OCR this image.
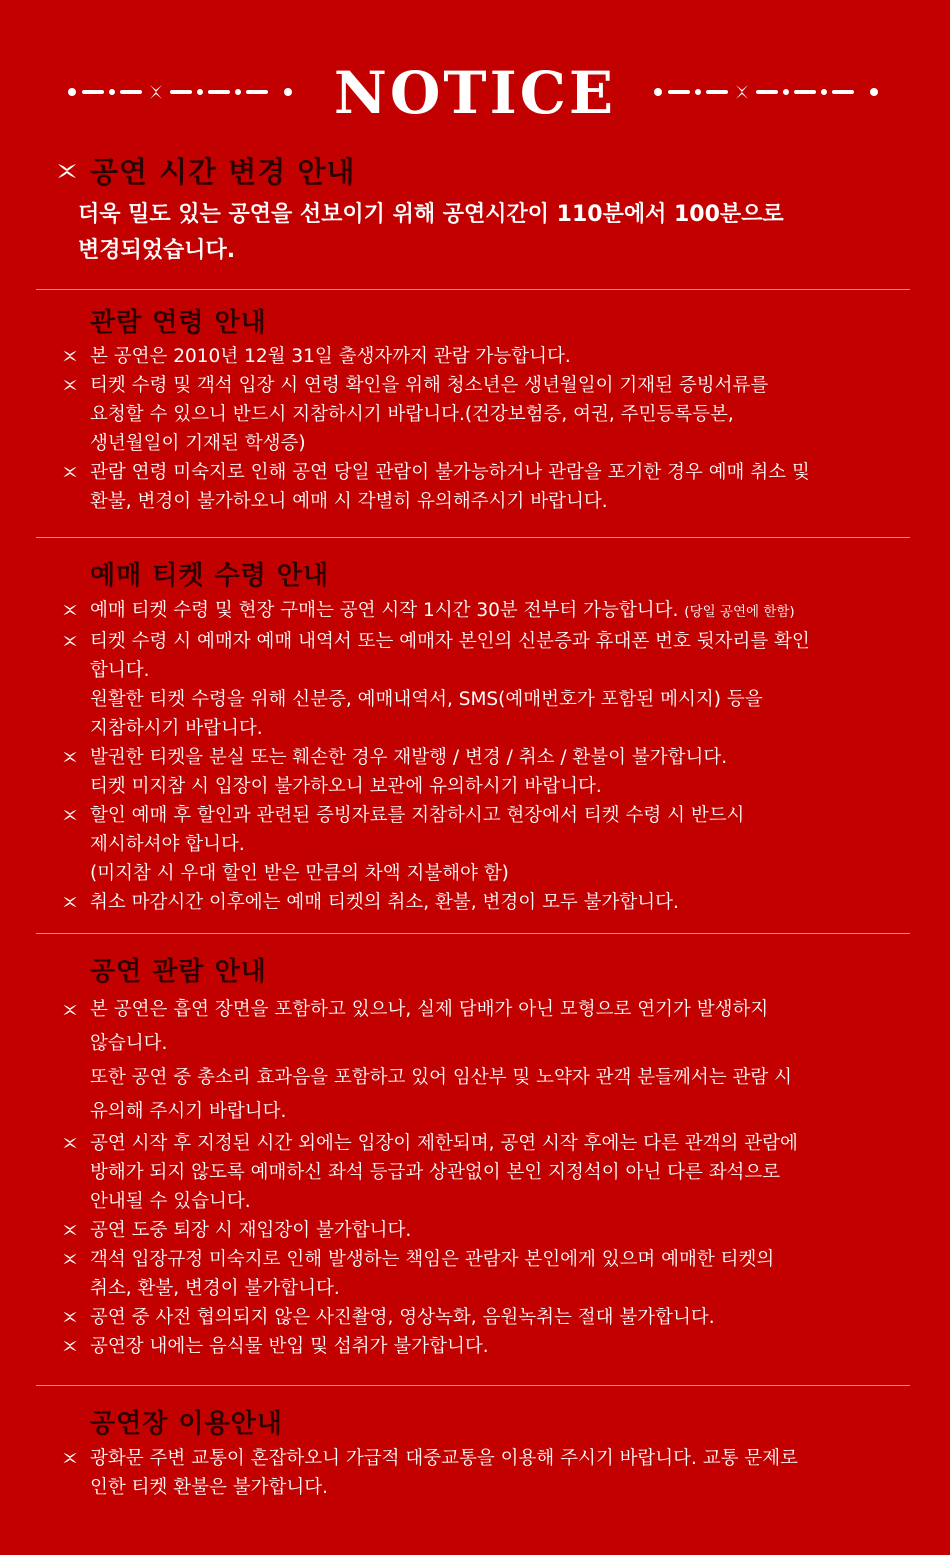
NOTICE
공연 시간 변경 안내
더욱 밀도 있는 공연을 선보이기 위해 공연시간이 110분에서 100분으로
변경되었습니다.
관람 연령 안내
본 공연은 2010년 12월 31일 출생자까지 관람 가능합니다.
티켓 수령 및 객석 입장 시 연령 확인을 위해 청소년은 생년월일이 기재된 증빙서류를
요청할 수 있으니 반드시 지참하시기 바랍니다.(건강보험증, 여권, 주민등록등본,
생년월일이 기재된 학생증)
관람 연령 미숙지로 인해 공연 당일 관람이 불가능하거나 관람을 포기한 경우 예매 취소 및
환불, 변경이 불가하오니 예매 시 각별히 유의해주시기 바랍니다.
예매 티켓 수령 안내
예매 티켓 수령 및 현장 구매는 공연 시작 1시간 30분 전부터 가능합니다. (당일 공연에 한함)
티켓 수령 시 예매자 예매 내역서 또는 예매자 본인의 신분증과 휴대폰 번호 뒷자리를 확인
합니다.
원활한 티켓 수령을 위해 신분증, 예매내역서, SMS(예매번호가 포함된 메시지) 등을
지참하시기 바랍니다.
발권한 티켓을 분실 또는 훼손한 경우 재발행 / 변경 / 취소 / 환불이 불가합니다.
티켓 미지참 시 입장이 불가하오니 보관에 유의하시기 바랍니다.
할인 예매 후 할인과 관련된 증빙자료를 지참하시고 현장에서 티켓 수령 시 반드시
제시하셔야 합니다.
(미지참 시 우대 할인 받은 만큼의 차액 지불해야 함)
취소 마감시간 이후에는 예매 티켓의 취소, 환불, 변경이 모두 불가합니다.
공연 관람 안내
본 공연은 흡연 장면을 포함하고 있으나, 실제 담배가 아닌 모형으로 연기가 발생하지
않습니다.
또한 공연 중 총소리 효과음을 포함하고 있어 임산부 및 노약자 관객 분들께서는 관람 시
유의해 주시기 바랍니다.
공연 시작 후 지정된 시간 외에는 입장이 제한되며, 공연 시작 후에는 다른 관객의 관람에
방해가 되지 않도록 예매하신 좌석 등급과 상관없이 본인 지정석이 아닌 다른 좌석으로
안내될 수 있습니다.
공연 도중 퇴장 시 재입장이 불가합니다.
객석 입장규정 미숙지로 인해 발생하는 책임은 관람자 본인에게 있으며 예매한 티켓의
취소, 환불, 변경이 불가합니다.
공연 중 사전 협의되지 않은 사진촬영, 영상녹화, 음원녹취는 절대 불가합니다.
공연장 내에는 음식물 반입 및 섭취가 불가합니다.
공연장 이용안내
광화문 주변 교통이 혼잡하오니 가급적 대중교통을 이용해 주시기 바랍니다. 교통 문제로
인한 티켓 환불은 불가합니다.
